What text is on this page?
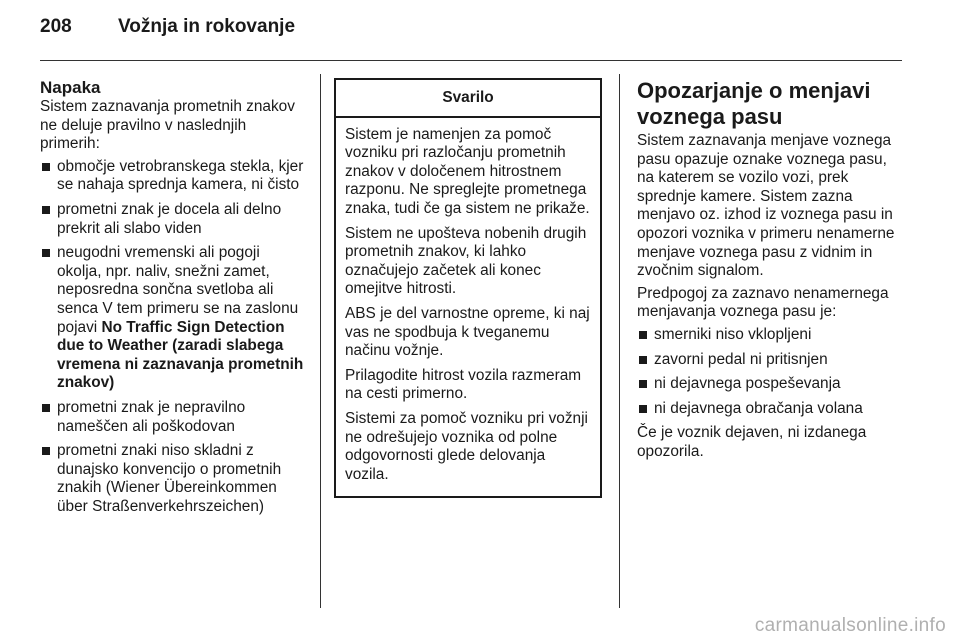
208 Vožnja in rokovanje
Napaka

Sistem zaznavanja prometnih znakov ne deluje pravilno v naslednjih primerih:

območje vetrobranskega stekla, kjer se nahaja sprednja kamera, ni čisto
prometni znak je docela ali delno prekrit ali slabo viden
neugodni vremenski ali pogoji okolja, npr. naliv, snežni zamet, neposredna sončna svetloba ali senca V tem primeru se na zaslonu pojavi No Traffic Sign Detection due to Weather (zaradi slabega vremena ni zaznavanja prometnih znakov)
prometni znak je nepravilno nameščen ali poškodovan
prometni znaki niso skladni z dunajsko konvencijo o prometnih znakih (Wiener Übereinkommen über Straßenverkehrszeichen)
Svarilo

Sistem je namenjen za pomoč vozniku pri razločanju prometnih znakov v določenem hitrostnem razponu. Ne spreglejte prometnega znaka, tudi če ga sistem ne prikaže.

Sistem ne upošteva nobenih drugih prometnih znakov, ki lahko označujejo začetek ali konec omejitve hitrosti.

ABS je del varnostne opreme, ki naj vas ne spodbuja k tveganemu načinu vožnje.

Prilagodite hitrost vozila razmeram na cesti primerno.

Sistemi za pomoč vozniku pri vožnji ne odrešujejo voznika od polne odgovornosti glede delovanja vozila.

Opozarjanje o menjavi voznega pasu

Sistem zaznavanja menjave voznega pasu opazuje oznake voznega pasu, na katerem se vozilo vozi, prek sprednje kamere. Sistem zazna menjavo oz. izhod iz voznega pasu in opozori voznika v primeru nenamerne menjave voznega pasu z vidnim in zvočnim signalom.

Predpogoj za zaznavo nenamernega menjavanja voznega pasu je:

smerniki niso vklopljeni
zavorni pedal ni pritisnjen
ni dejavnega pospeševanja
ni dejavnega obračanja volana

Če je voznik dejaven, ni izdanega opozorila.

carmanualsonline.info
